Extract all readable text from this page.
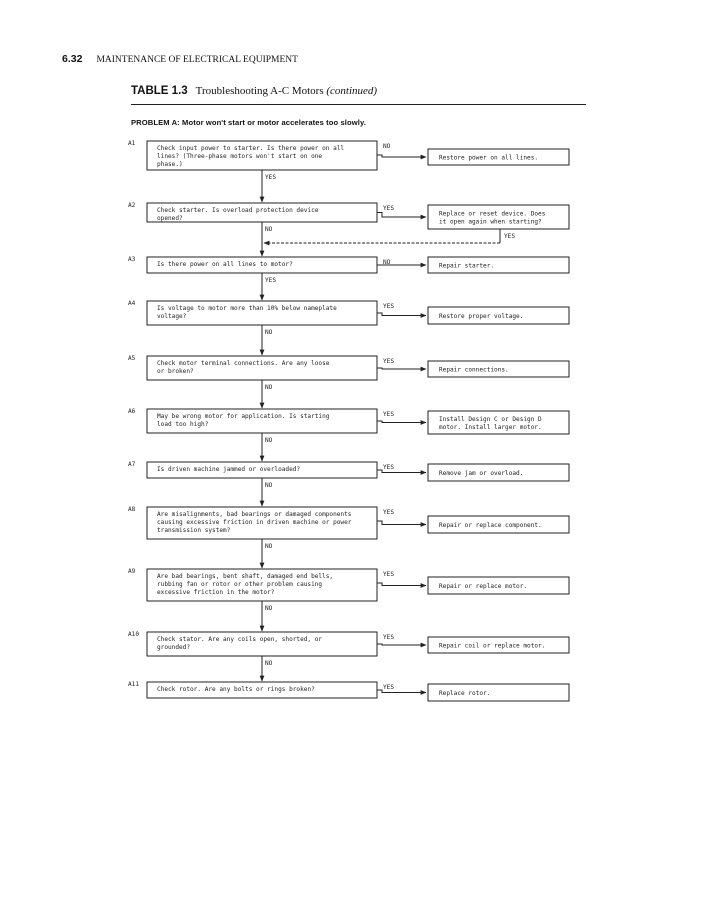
6.32 MAINTENANCE OF ELECTRICAL EQUIPMENT
TABLE 1.3 Troubleshooting A-C Motors (continued)
PROBLEM A: Motor won't start or motor accelerates too slowly.
A1
Check input power to starter. Is there power on all
lines? (Three-phase motors won't start on one
phase.)
NO
Restore power on all lines.
YES
A2
Check starter. Is overload protection device
opened?
YES
Replace or reset device. Does
it open again when starting?
NO
YES
A3
Is there power on all lines to motor?	NO	Repair starter.
YES
A4
Is voltage to motor more than 10% below nameplate
voltage?
YES
Restore proper voltage.
NO
A5
Check motor terminal connections. Are any loose
or broken?
YES
Repair connections.
NO
A6
May be wrong motor for application. Is starting
load too high?
YES
Install Design C or Design D
motor. Install larger motor.
NO
A7
Is driven machine jammed or overloaded?	YES
Remove jam or overload.
NO
A8
Are misalignments, bad bearings or damaged components
causing excessive friction in driven machine or power
transmission system?
YES
Repair or replace component.
NO
A9
Are bad bearings, bent shaft, damaged end bells,
rubbing fan or rotor or other problem causing
excessive friction in the motor?
YES
Repair or replace motor.
NO
A10
Check stator. Are any coils open, shorted, or
grounded?
YES
Repair coil or replace motor.
NO
A11
Check rotor. Are any bolts or rings broken?	YES
Replace rotor.
